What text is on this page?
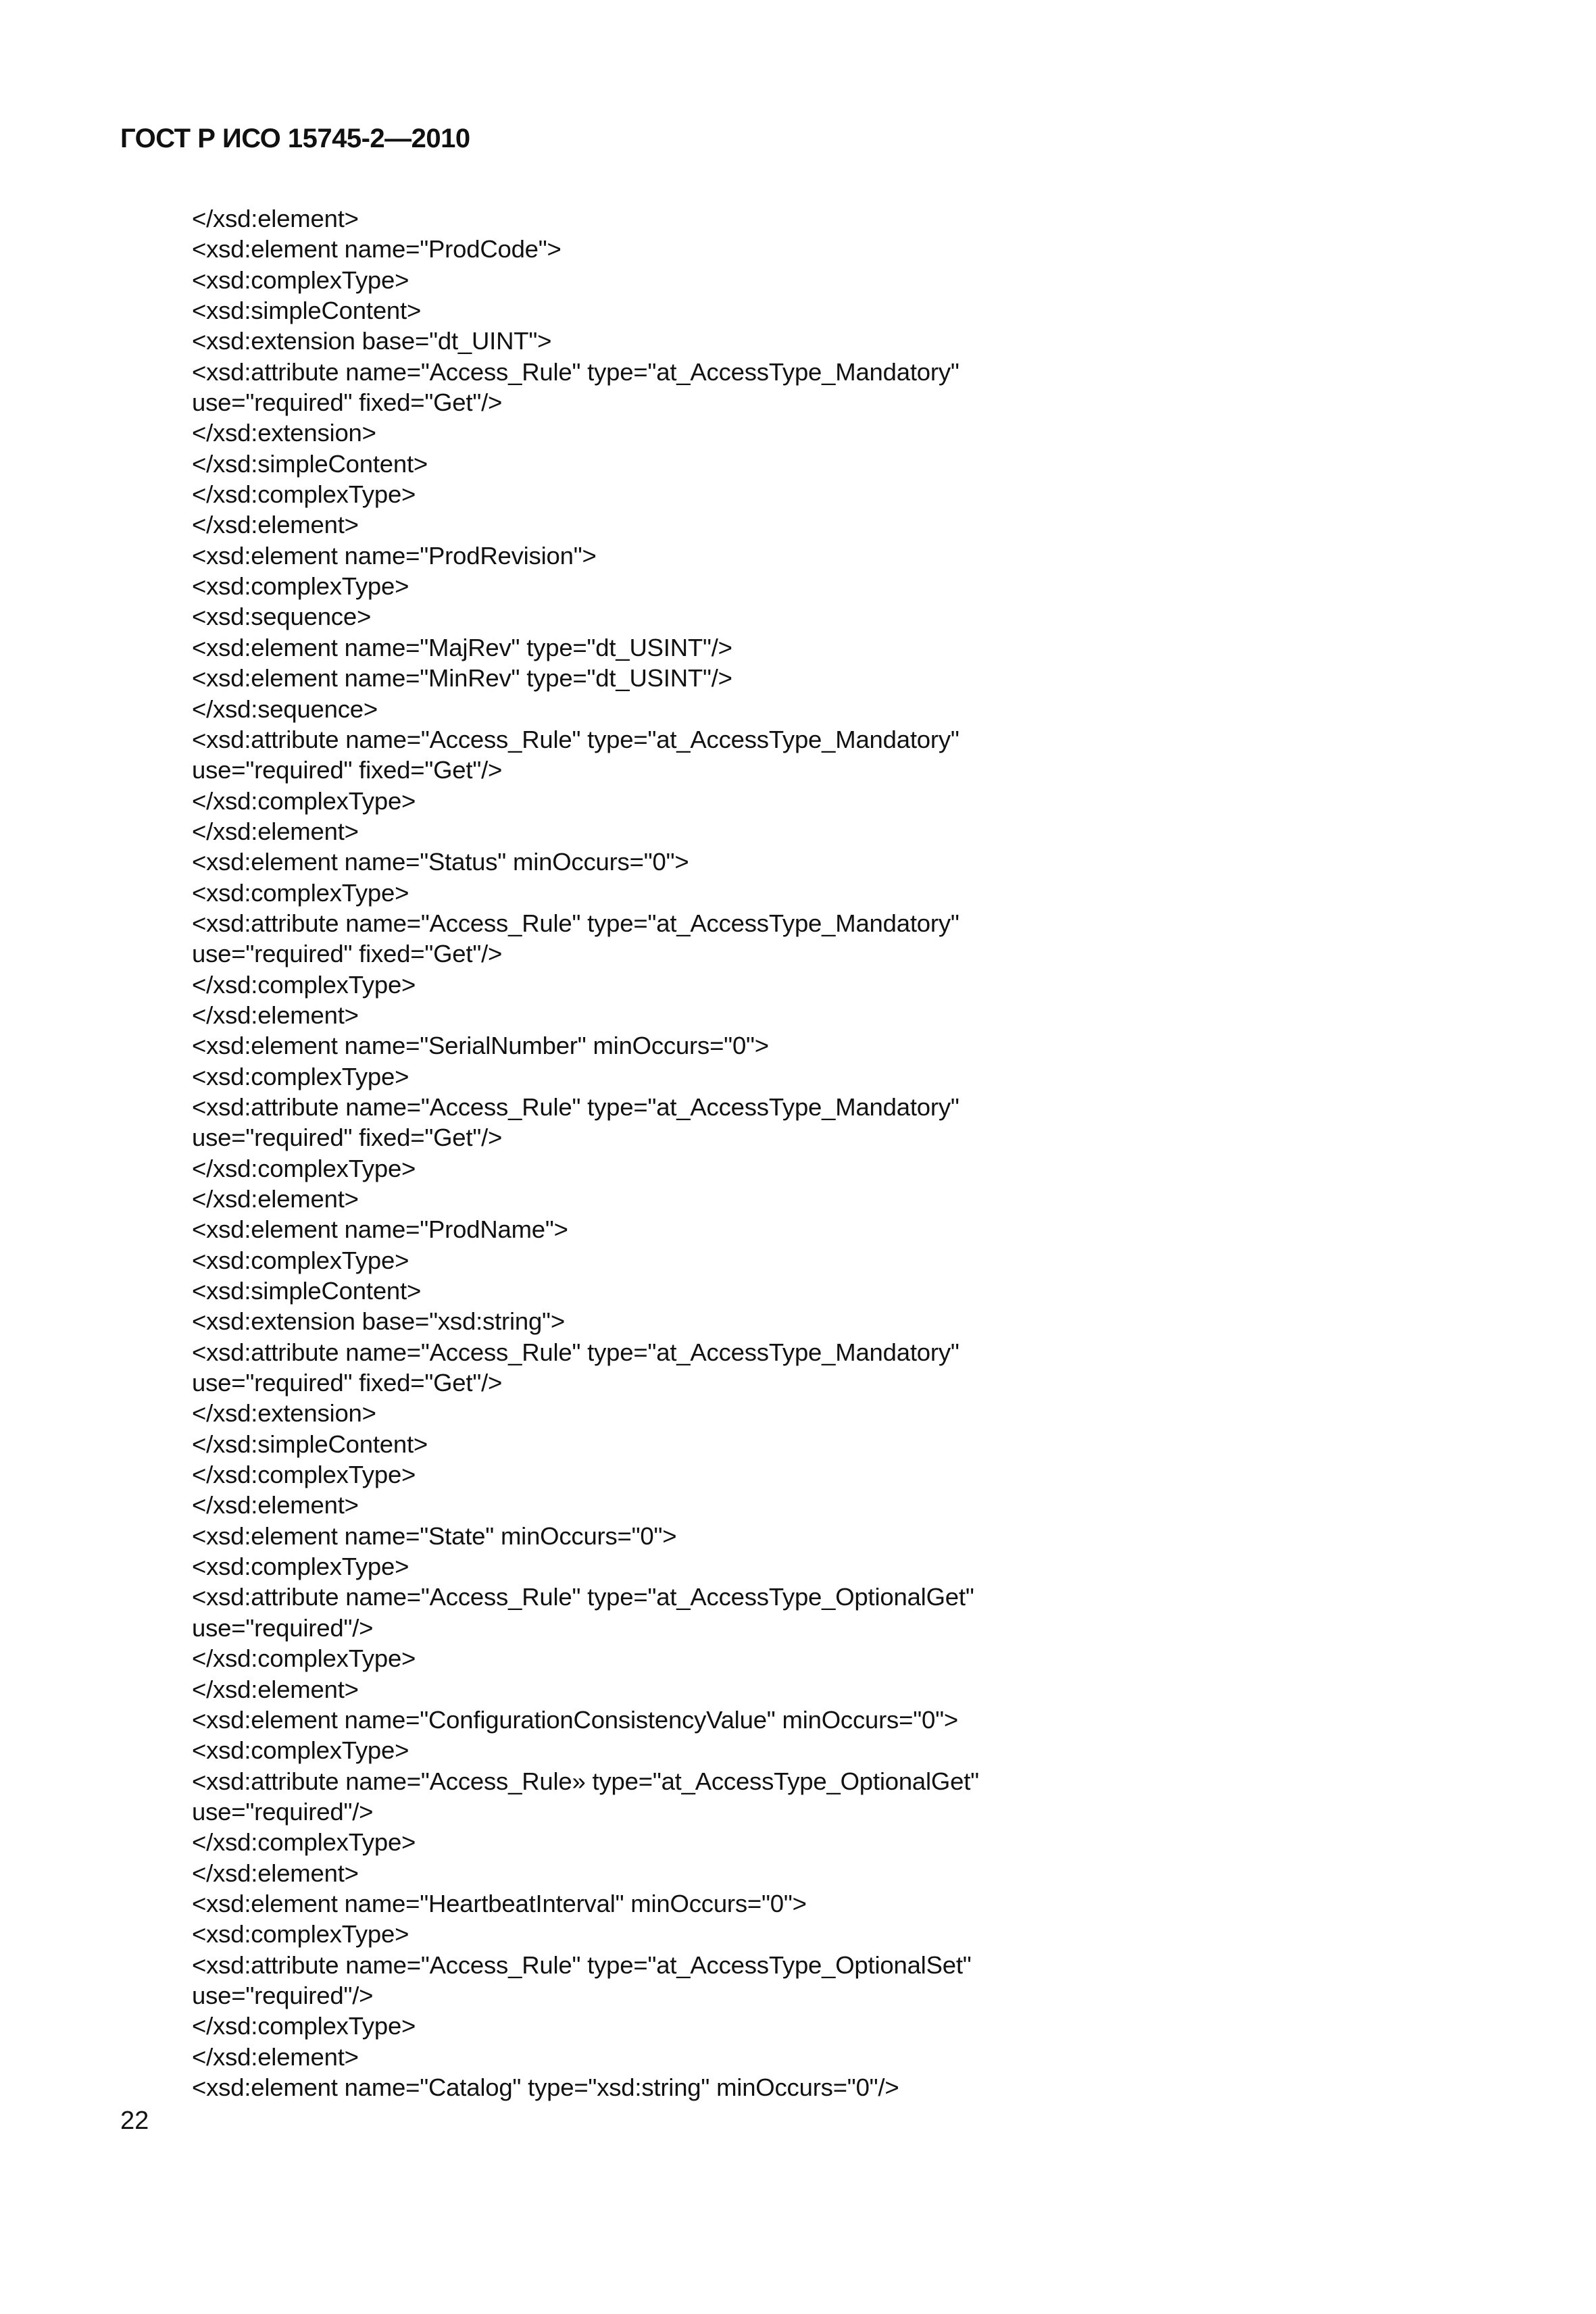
ГОСТ Р ИСО 15745-2—2010
</xsd:element>
<xsd:element name="ProdCode">
<xsd:complexType>
<xsd:simpleContent>
<xsd:extension base="dt_UINT">
<xsd:attribute name="Access_Rule" type="at_AccessType_Mandatory"
use="required" fixed="Get"/>
</xsd:extension>
</xsd:simpleContent>
</xsd:complexType>
</xsd:element>
<xsd:element name="ProdRevision">
<xsd:complexType>
<xsd:sequence>
<xsd:element name="MajRev" type="dt_USINT"/>
<xsd:element name="MinRev" type="dt_USINT"/>
</xsd:sequence>
<xsd:attribute name="Access_Rule" type="at_AccessType_Mandatory"
use="required" fixed="Get"/>
</xsd:complexType>
</xsd:element>
<xsd:element name="Status" minOccurs="0">
<xsd:complexType>
<xsd:attribute name="Access_Rule" type="at_AccessType_Mandatory"
use="required" fixed="Get"/>
</xsd:complexType>
</xsd:element>
<xsd:element name="SerialNumber" minOccurs="0">
<xsd:complexType>
<xsd:attribute name="Access_Rule" type="at_AccessType_Mandatory"
use="required" fixed="Get"/>
</xsd:complexType>
</xsd:element>
<xsd:element name="ProdName">
<xsd:complexType>
<xsd:simpleContent>
<xsd:extension base="xsd:string">
<xsd:attribute name="Access_Rule" type="at_AccessType_Mandatory"
use="required" fixed="Get"/>
</xsd:extension>
</xsd:simpleContent>
</xsd:complexType>
</xsd:element>
<xsd:element name="State" minOccurs="0">
<xsd:complexType>
<xsd:attribute name="Access_Rule" type="at_AccessType_OptionalGet"
use="required"/>
</xsd:complexType>
</xsd:element>
<xsd:element name="ConfigurationConsistencyValue" minOccurs="0">
<xsd:complexType>
<xsd:attribute name="Access_Rule» type="at_AccessType_OptionalGet"
use="required"/>
</xsd:complexType>
</xsd:element>
<xsd:element name="HeartbeatInterval" minOccurs="0">
<xsd:complexType>
<xsd:attribute name="Access_Rule" type="at_AccessType_OptionalSet"
use="required"/>
</xsd:complexType>
</xsd:element>
<xsd:element name="Catalog" type="xsd:string" minOccurs="0"/>
22
